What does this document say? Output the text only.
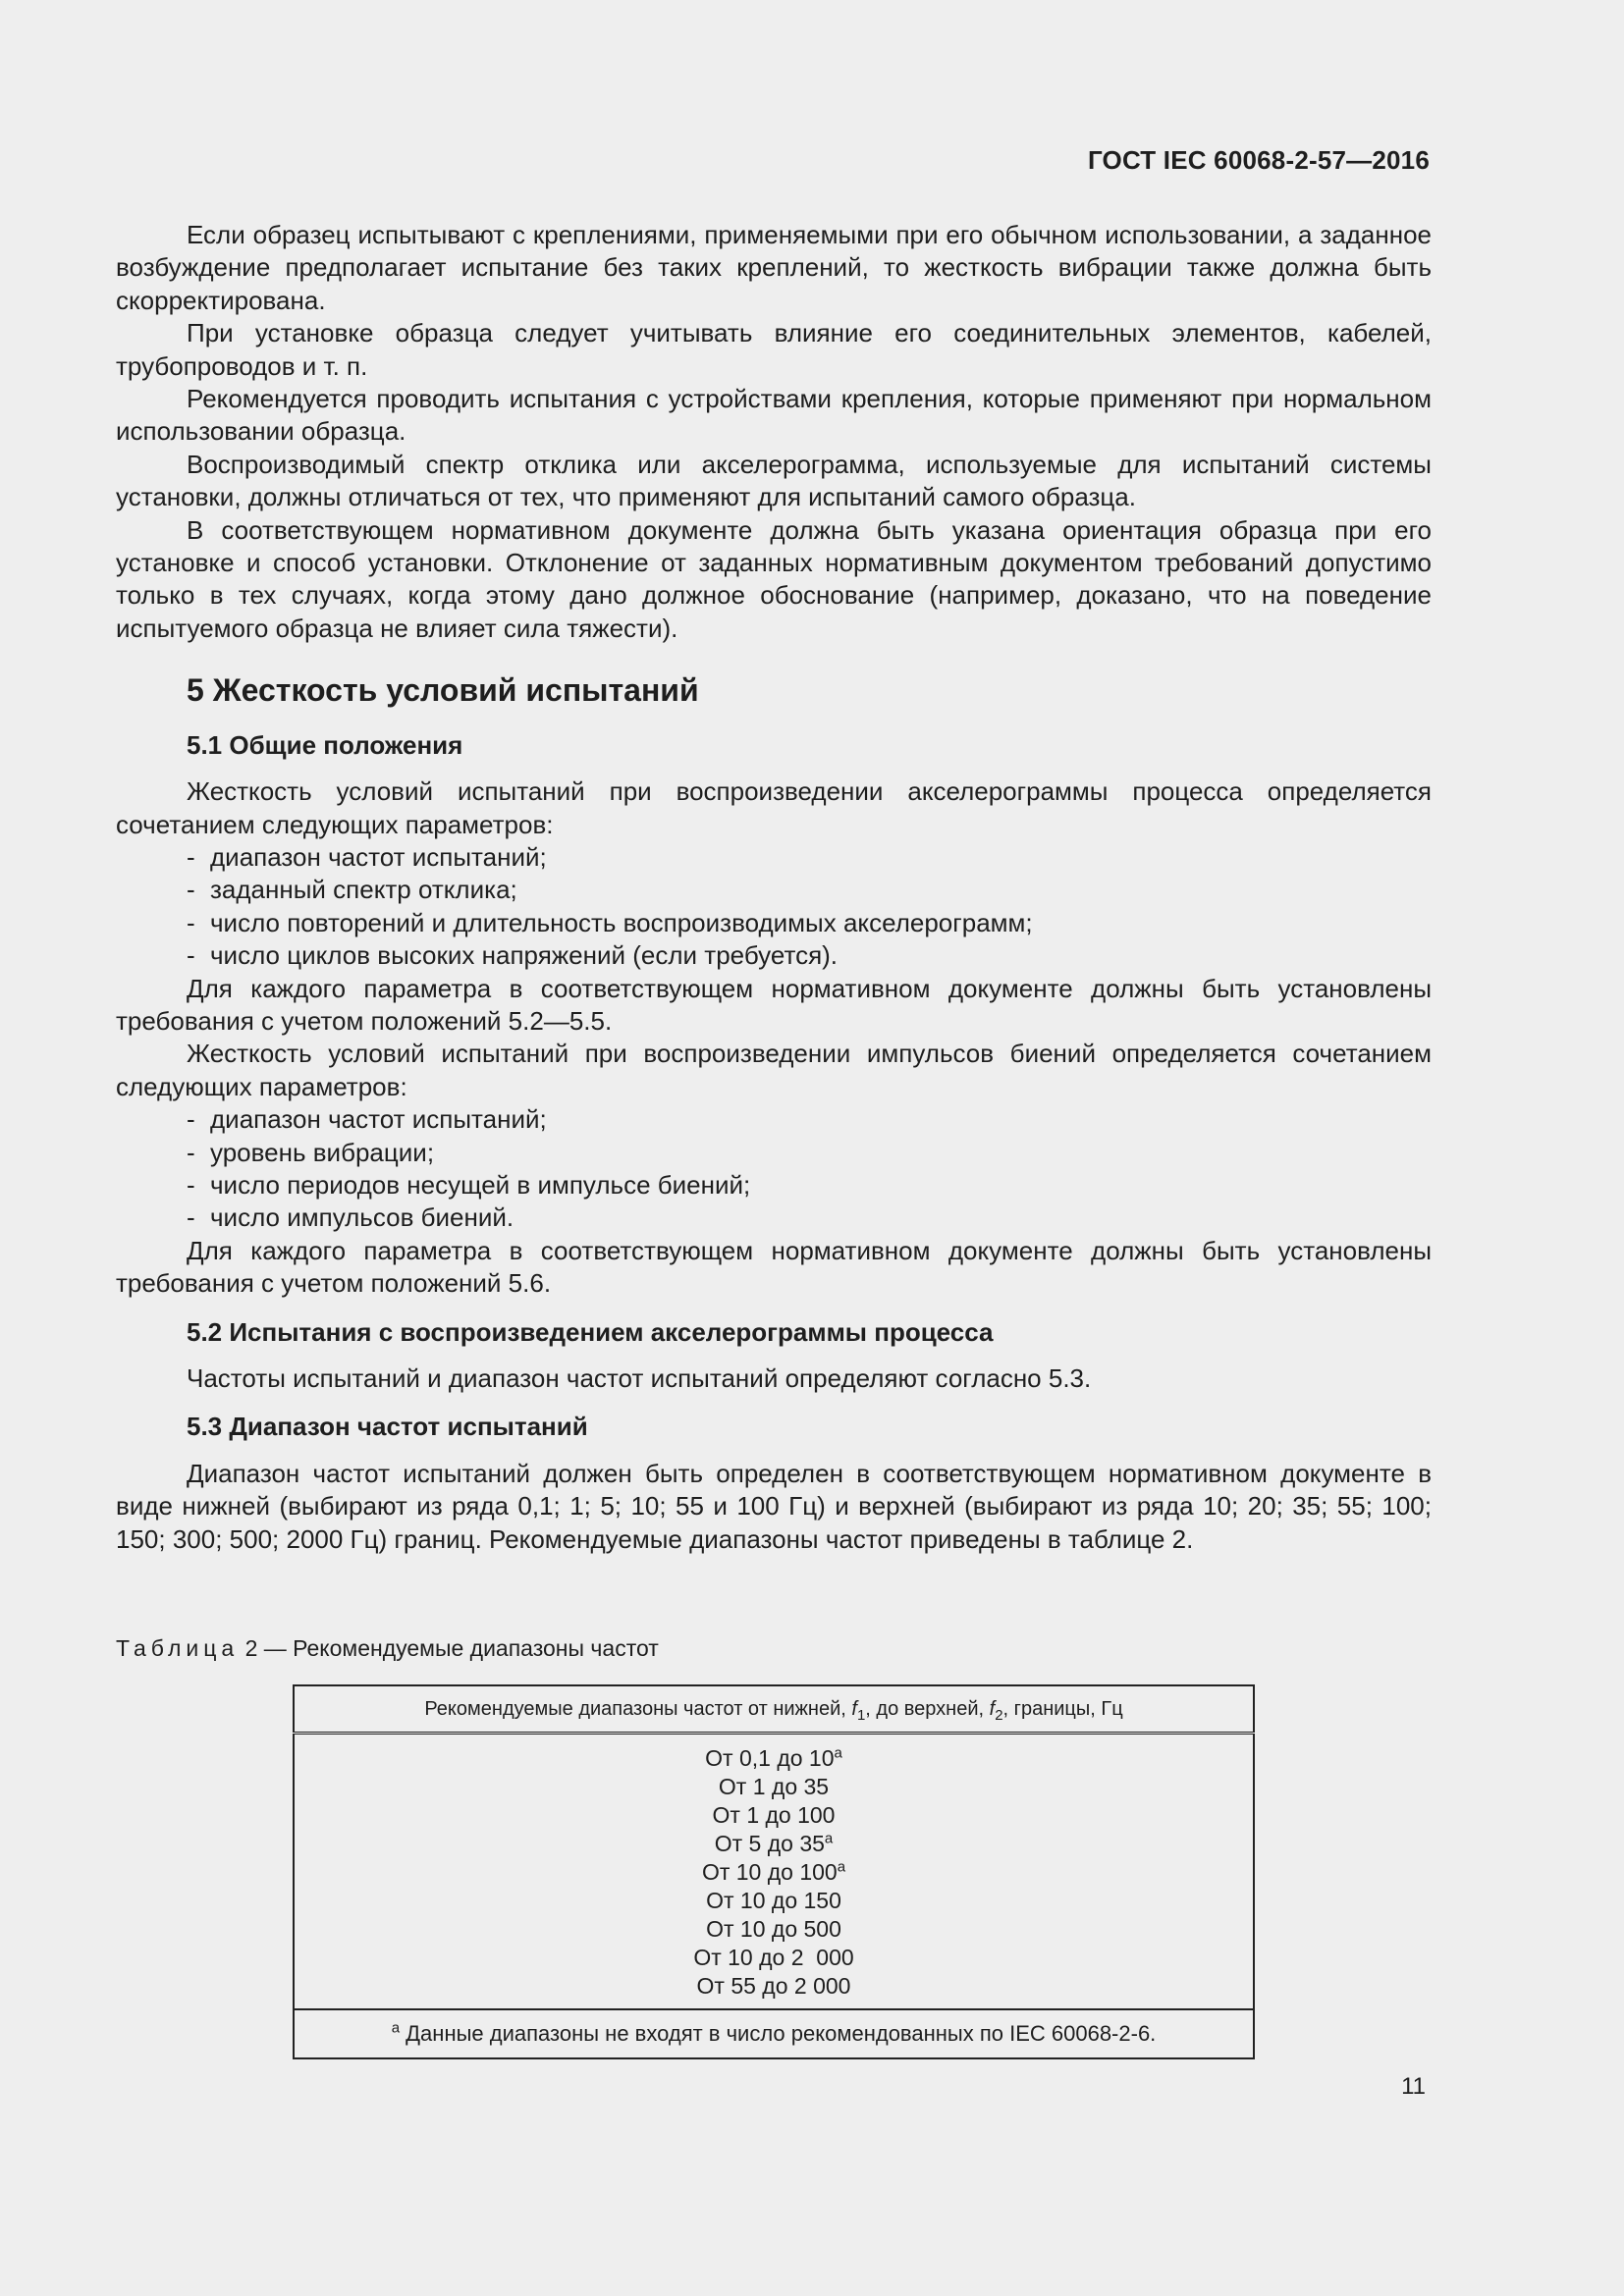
ГОСТ IEC 60068-2-57—2016

Если образец испытывают с креплениями, применяемыми при его обычном использовании, а заданное возбуждение предполагает испытание без таких креплений, то жесткость вибрации также должна быть скорректирована.

При установке образца следует учитывать влияние его соединительных элементов, кабелей, трубопроводов и т. п.

Рекомендуется проводить испытания с устройствами крепления, которые применяют при нормальном использовании образца.

Воспроизводимый спектр отклика или акселерограмма, используемые для испытаний системы установки, должны отличаться от тех, что применяют для испытаний самого образца.

В соответствующем нормативном документе должна быть указана ориентация образца при его установке и способ установки. Отклонение от заданных нормативным документом требований допустимо только в тех случаях, когда этому дано должное обоснование (например, доказано, что на поведение испытуемого образца не влияет сила тяжести).

5 Жесткость условий испытаний

5.1 Общие положения

Жесткость условий испытаний при воспроизведении акселерограммы процесса определяется сочетанием следующих параметров:

- диапазон частот испытаний;

- заданный спектр отклика;

- число повторений и длительность воспроизводимых акселерограмм;

- число циклов высоких напряжений (если требуется).

Для каждого параметра в соответствующем нормативном документе должны быть установлены требования с учетом положений 5.2—5.5.

Жесткость условий испытаний при воспроизведении импульсов биений определяется сочетанием следующих параметров:

- диапазон частот испытаний;

- уровень вибрации;

- число периодов несущей в импульсе биений;

- число импульсов биений.

Для каждого параметра в соответствующем нормативном документе должны быть установлены требования с учетом положений 5.6.

5.2 Испытания с воспроизведением акселерограммы процесса

Частоты испытаний и диапазон частот испытаний определяют согласно 5.3.

5.3 Диапазон частот испытаний

Диапазон частот испытаний должен быть определен в соответствующем нормативном документе в виде нижней (выбирают из ряда 0,1; 1; 5; 10; 55 и 100 Гц) и верхней (выбирают из ряда 10; 20; 35; 55; 100; 150; 300; 500; 2000 Гц) границ. Рекомендуемые диапазоны частот приведены в таблице 2.

Таблица 2 — Рекомендуемые диапазоны частот
Рекомендуемые диапазоны частот от нижней, $f_1$, до верхней, $f_2$, границы, Гц

От 0,1 до 10$^a$
От 1 до 35
От 1 до 100
От 5 до 35$^a$
От 10 до 100$^a$
От 10 до 150
От 10 до 500
От 10 до 2  000
От 55 до 2 000

$^a$ Данные диапазоны не входят в число рекомендованных по IEC 60068-2-6.
11
